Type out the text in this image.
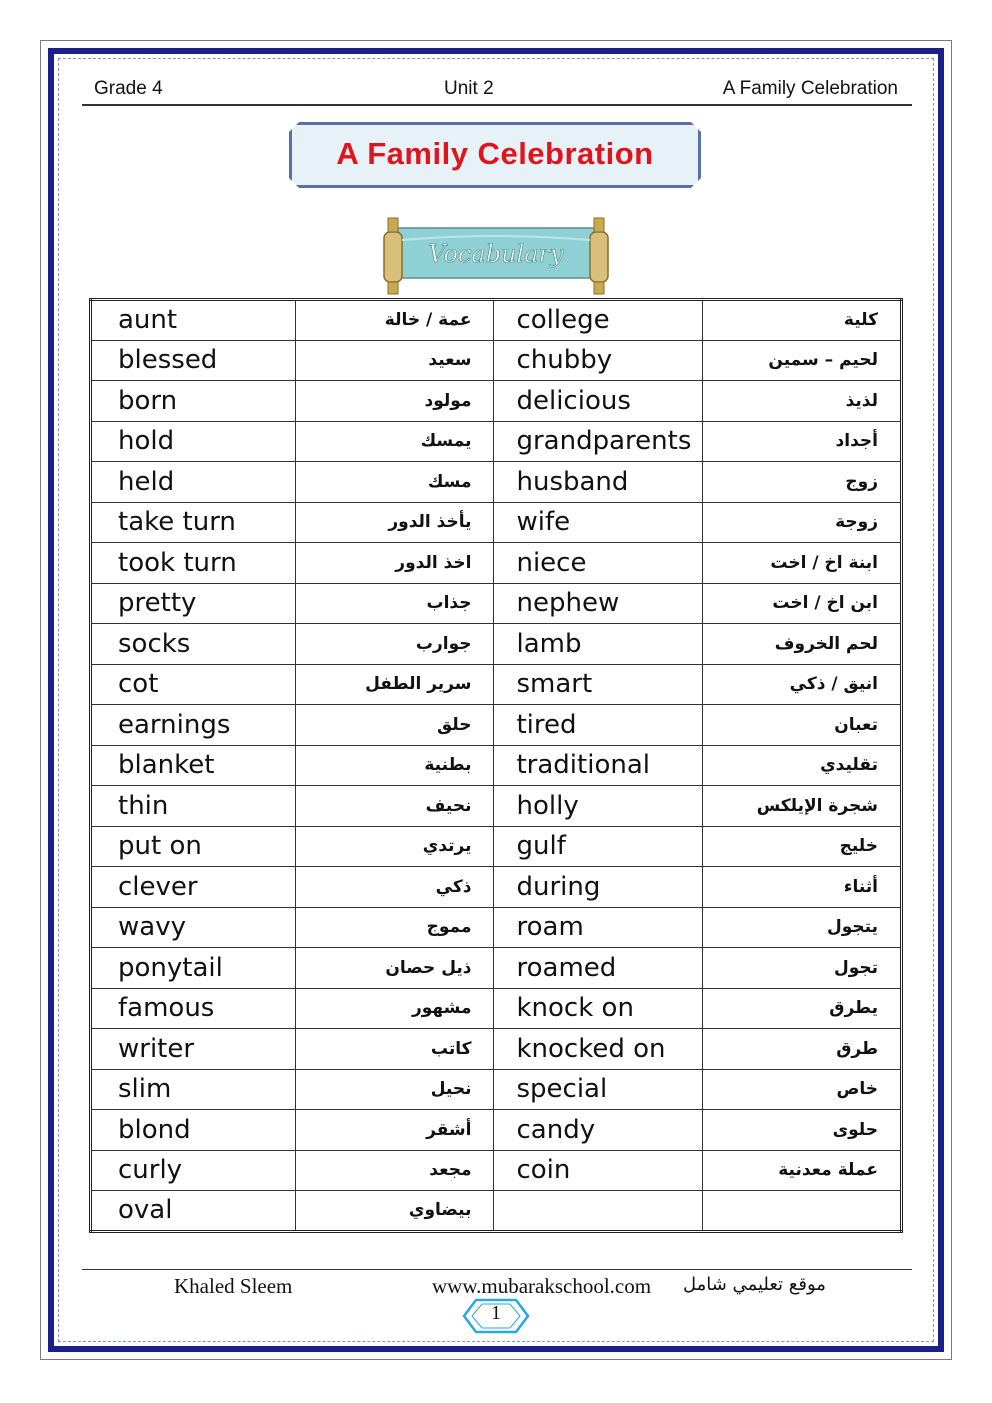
Grade 4	Unit 2	A Family Celebration
A Family Celebration
Vocabulary
aunt	عمة / خالة	college	كلية
blessed	سعيد	chubby	لحيم – سمين
born	مولود	delicious	لذيذ
hold	يمسك	grandparents	أجداد
held	مسك	husband	زوج
take turn	يأخذ الدور	wife	زوجة
took turn	اخذ الدور	niece	ابنة اخ / اخت
pretty	جذاب	nephew	ابن اخ / اخت
socks	جوارب	lamb	لحم الخروف
cot	سرير الطفل	smart	انيق / ذكي
earnings	حلق	tired	تعبان
blanket	بطنية	traditional	تقليدي
thin	نحيف	holly	شجرة الإيلكس
put on	يرتدي	gulf	خليج
clever	ذكي	during	أثناء
wavy	مموج	roam	يتجول
ponytail	ذيل حصان	roamed	تجول
famous	مشهور	knock on	يطرق
writer	كاتب	knocked on	طرق
slim	نحيل	special	خاص
blond	أشقر	candy	حلوى
curly	مجعد	coin	عملة معدنية
oval	بيضاوي		
Khaled Sleem	www.mubarakschool.com موقع تعليمي شامل
1
